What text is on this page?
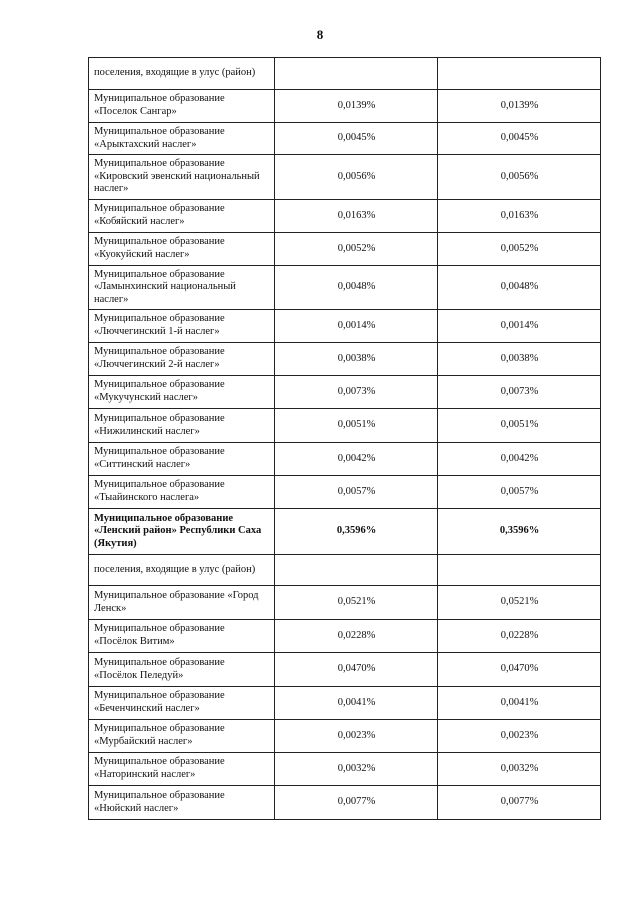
8
поселения, входящие в улус (район)		
Муниципальное образование «Поселок Сангар»	0,0139%	0,0139%
Муниципальное образование «Арыктахский наслег»	0,0045%	0,0045%
Муниципальное образование «Кировский эвенский национальный наслег»	0,0056%	0,0056%
Муниципальное образование «Кобяйский наслег»	0,0163%	0,0163%
Муниципальное образование «Куокуйский наслег»	0,0052%	0,0052%
Муниципальное образование «Ламынхинский национальный наслег»	0,0048%	0,0048%
Муниципальное образование «Люччегинский 1-й наслег»	0,0014%	0,0014%
Муниципальное образование «Люччегинский 2-й наслег»	0,0038%	0,0038%
Муниципальное образование «Мукучунский наслег»	0,0073%	0,0073%
Муниципальное образование «Нижилинский наслег»	0,0051%	0,0051%
Муниципальное образование «Ситтинский наслег»	0,0042%	0,0042%
Муниципальное образование «Тыайинского наслега»	0,0057%	0,0057%
Муниципальное образование «Ленский район» Республики Саха (Якутия)	0,3596%	0,3596%
поселения, входящие в улус (район)		
Муниципальное образование «Город Ленск»	0,0521%	0,0521%
Муниципальное образование «Посёлок Витим»	0,0228%	0,0228%
Муниципальное образование «Посёлок Пеледуй»	0,0470%	0,0470%
Муниципальное образование «Беченчинский наслег»	0,0041%	0,0041%
Муниципальное образование «Мурбайский наслег»	0,0023%	0,0023%
Муниципальное образование «Наторинский наслег»	0,0032%	0,0032%
Муниципальное образование «Нюйский наслег»	0,0077%	0,0077%
